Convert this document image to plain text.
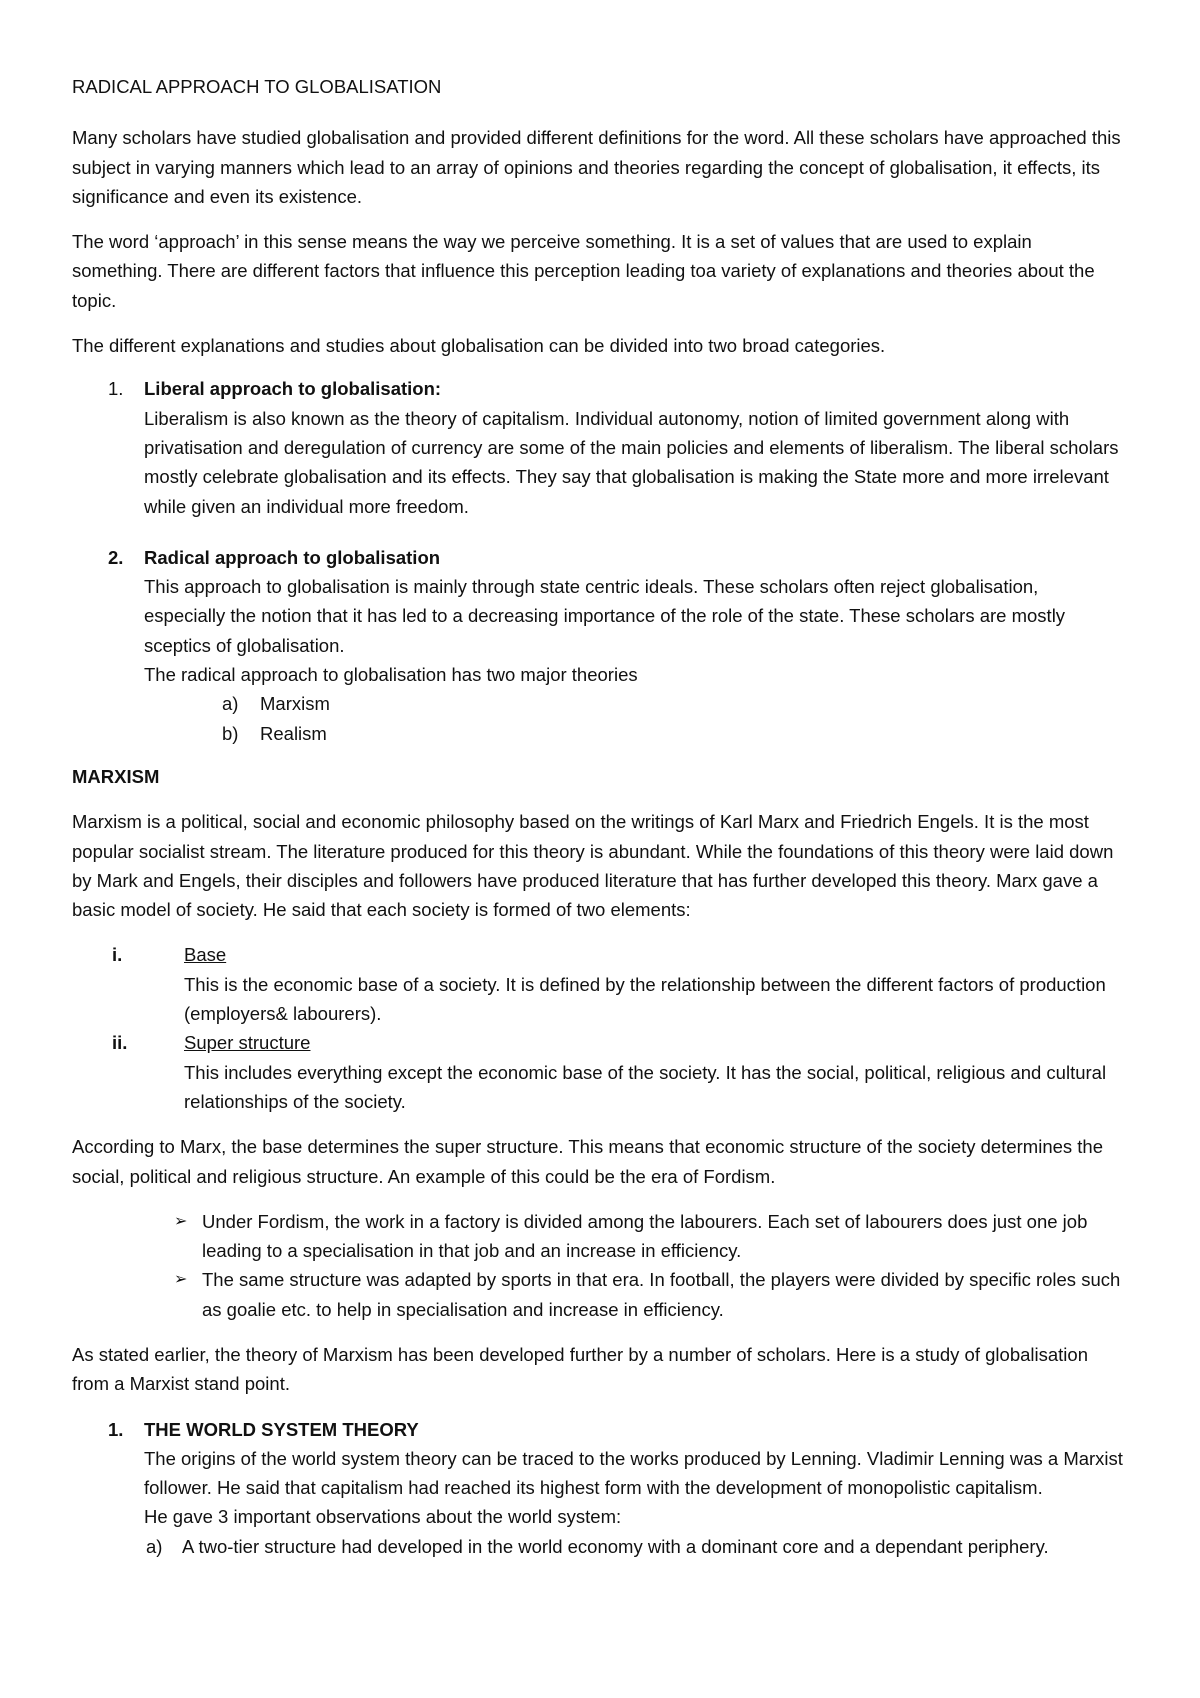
RADICAL APPROACH TO GLOBALISATION

Many scholars have studied globalisation and provided different definitions for the word. All these scholars have approached this subject in varying manners which lead to an array of opinions and theories regarding the concept of globalisation, it effects, its significance and even its existence.

The word ‘approach’ in this sense means the way we perceive something. It is a set of values that are used to explain something. There are different factors that influence this perception leading toa variety of explanations and theories about the topic.

The different explanations and studies about globalisation can be divided into two broad categories.

1. Liberal approach to globalisation:

Liberalism is also known as the theory of capitalism. Individual autonomy, notion of limited government along with privatisation and deregulation of currency are some of the main policies and elements of liberalism. The liberal scholars mostly celebrate globalisation and its effects. They say that globalisation is making the State more and more irrelevant while given an individual more freedom.

2. Radical approach to globalisation

This approach to globalisation is mainly through state centric ideals. These scholars often reject globalisation, especially the notion that it has led to a decreasing importance of the role of the state. These scholars are mostly sceptics of globalisation.

The radical approach to globalisation has two major theories

a) Marxism

b) Realism

MARXISM

Marxism is a political, social and economic philosophy based on the writings of Karl Marx and Friedrich Engels. It is the most popular socialist stream. The literature produced for this theory is abundant. While the foundations of this theory were laid down by Mark and Engels, their disciples and followers have produced literature that has further developed this theory. Marx gave a basic model of society. He said that each society is formed of two elements:

i.	Base

This is the economic base of a society. It is defined by the relationship between the different factors of production (employers& labourers).

ii.	Super structure

This includes everything except the economic base of the society. It has the social, political, religious and cultural relationships of the society.

According to Marx, the base determines the super structure. This means that economic structure of the society determines the social, political and religious structure. An example of this could be the era of Fordism.

➢ Under Fordism, the work in a factory is divided among the labourers. Each set of labourers does just one job leading to a specialisation in that job and an increase in efficiency.

➢ The same structure was adapted by sports in that era. In football, the players were divided by specific roles such as goalie etc. to help in specialisation and increase in efficiency.

As stated earlier, the theory of Marxism has been developed further by a number of scholars. Here is a study of globalisation from a Marxist stand point.

1. THE WORLD SYSTEM THEORY

The origins of the world system theory can be traced to the works produced by Lenning. Vladimir Lenning was a Marxist follower. He said that capitalism had reached its highest form with the development of monopolistic capitalism.

He gave 3 important observations about the world system:

a) A two-tier structure had developed in the world economy with a dominant core and a dependant periphery.
